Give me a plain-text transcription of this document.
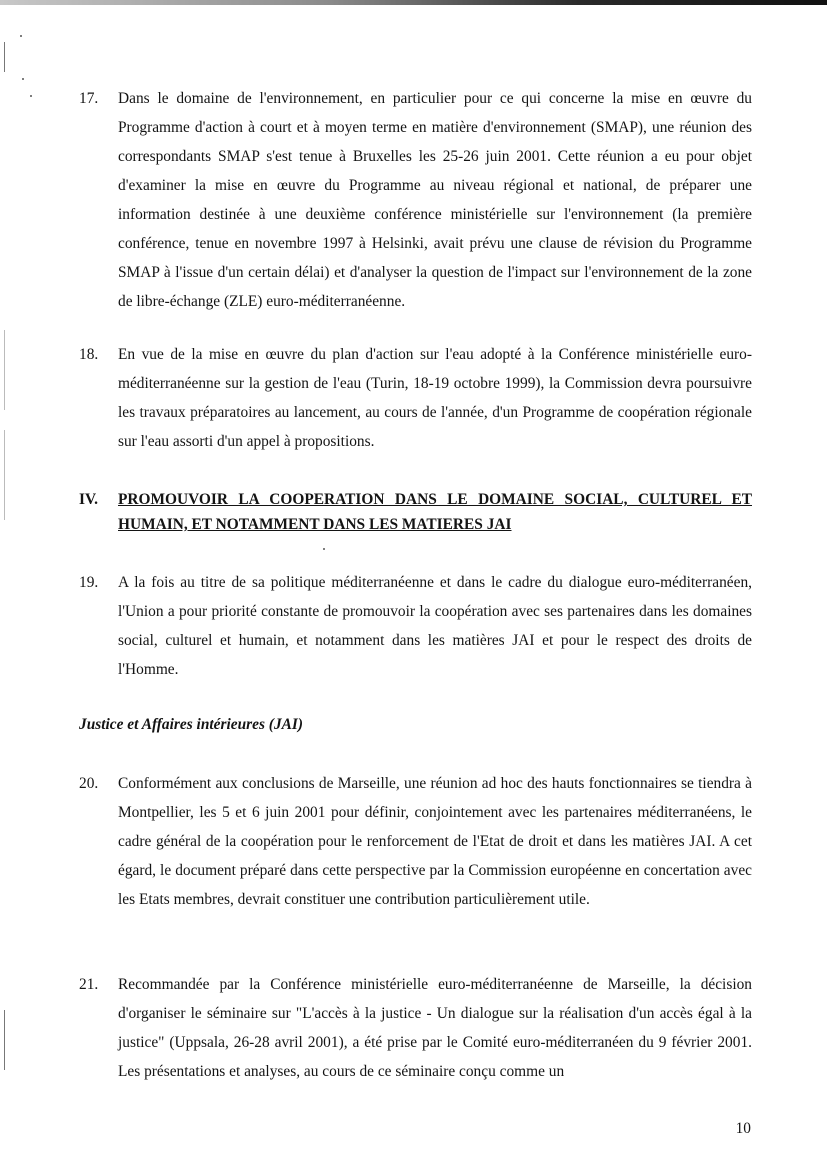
17. Dans le domaine de l'environnement, en particulier pour ce qui concerne la mise en œuvre du Programme d'action à court et à moyen terme en matière d'environnement (SMAP), une réunion des correspondants SMAP s'est tenue à Bruxelles les 25-26 juin 2001. Cette réunion a eu pour objet d'examiner la mise en œuvre du Programme au niveau régional et national, de préparer une information destinée à une deuxième conférence ministérielle sur l'environnement (la première conférence, tenue en novembre 1997 à Helsinki, avait prévu une clause de révision du Programme SMAP à l'issue d'un certain délai) et d'analyser la question de l'impact sur l'environnement de la zone de libre-échange (ZLE) euro-méditerranéenne.
18. En vue de la mise en œuvre du plan d'action sur l'eau adopté à la Conférence ministérielle euro-méditerranéenne sur la gestion de l'eau (Turin, 18-19 octobre 1999), la Commission devra poursuivre les travaux préparatoires au lancement, au cours de l'année, d'un Programme de coopération régionale sur l'eau assorti d'un appel à propositions.
IV. PROMOUVOIR LA COOPERATION DANS LE DOMAINE SOCIAL, CULTUREL ET HUMAIN, ET NOTAMMENT DANS LES MATIERES JAI
19. A la fois au titre de sa politique méditerranéenne et dans le cadre du dialogue euro-méditerranéen, l'Union a pour priorité constante de promouvoir la coopération avec ses partenaires dans les domaines social, culturel et humain, et notamment dans les matières JAI et pour le respect des droits de l'Homme.
Justice et Affaires intérieures (JAI)
20. Conformément aux conclusions de Marseille, une réunion ad hoc des hauts fonctionnaires se tiendra à Montpellier, les 5 et 6 juin 2001 pour définir, conjointement avec les partenaires méditerranéens, le cadre général de la coopération pour le renforcement de l'Etat de droit et dans les matières JAI. A cet égard, le document préparé dans cette perspective par la Commission européenne en concertation avec les Etats membres, devrait constituer une contribution particulièrement utile.
21. Recommandée par la Conférence ministérielle euro-méditerranéenne de Marseille, la décision d'organiser le séminaire sur "L'accès à la justice - Un dialogue sur la réalisation d'un accès égal à la justice" (Uppsala, 26-28 avril 2001), a été prise par le Comité euro-méditerranéen du 9 février 2001. Les présentations et analyses, au cours de ce séminaire conçu comme un
10
